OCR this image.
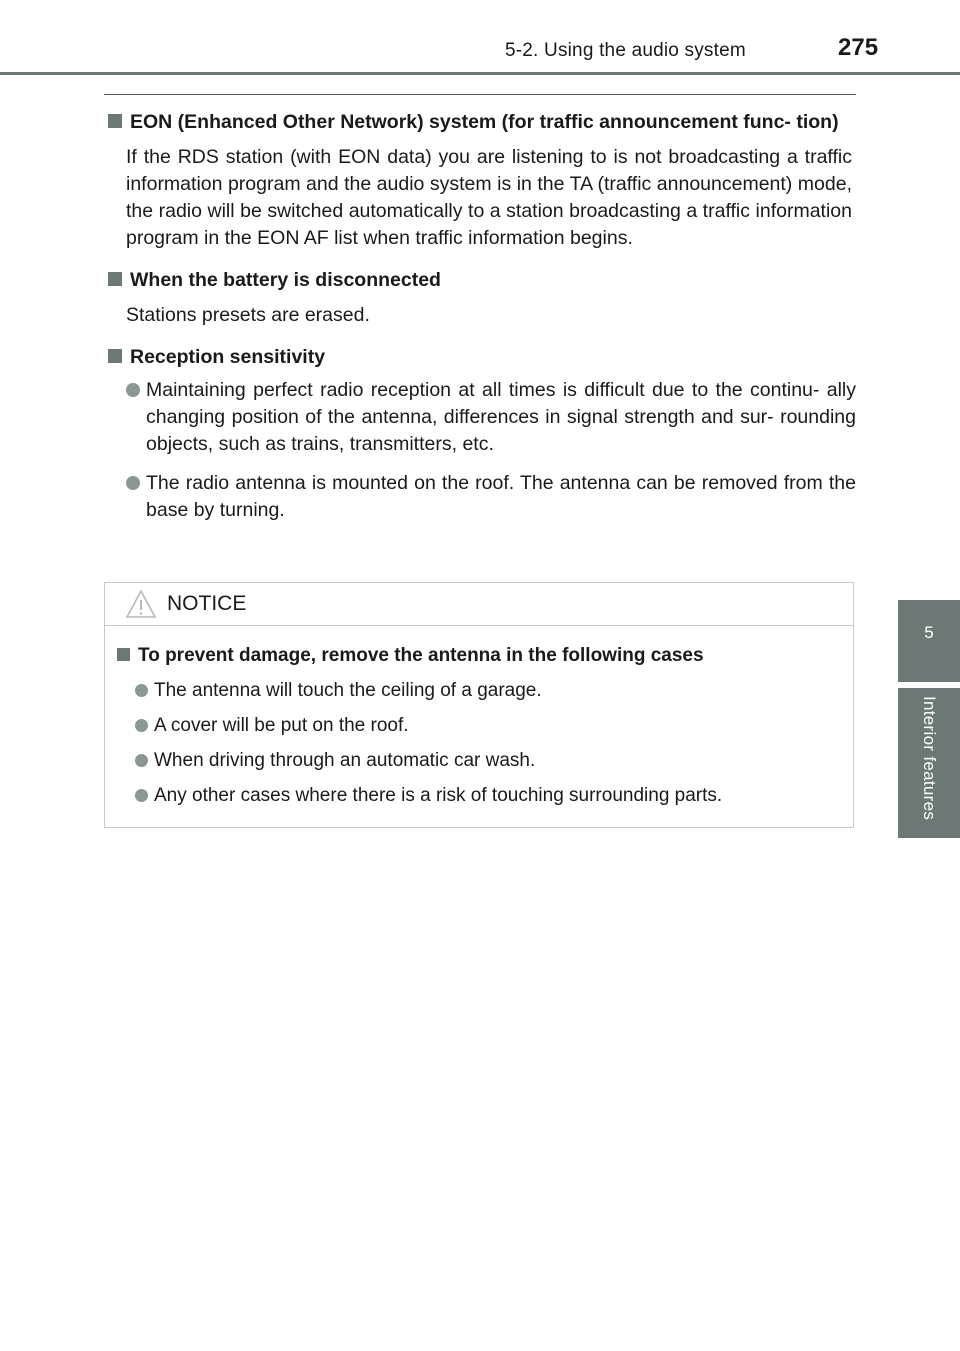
5-2. Using the audio system	275
5
Interior features
EON (Enhanced Other Network) system (for traffic announcement func- tion)
If the RDS station (with EON data) you are listening to is not broadcasting a traffic information program and the audio system is in the TA (traffic announcement) mode, the radio will be switched automatically to a station broadcasting a traffic information program in the EON AF list when traffic information begins.
When the battery is disconnected
Stations presets are erased.
Reception sensitivity
Maintaining perfect radio reception at all times is difficult due to the continu- ally changing position of the antenna, differences in signal strength and sur- rounding objects, such as trains, transmitters, etc.
The radio antenna is mounted on the roof. The antenna can be removed from the base by turning.
NOTICE
To prevent damage, remove the antenna in the following cases
The antenna will touch the ceiling of a garage.
A cover will be put on the roof.
When driving through an automatic car wash.
Any other cases where there is a risk of touching surrounding parts.
